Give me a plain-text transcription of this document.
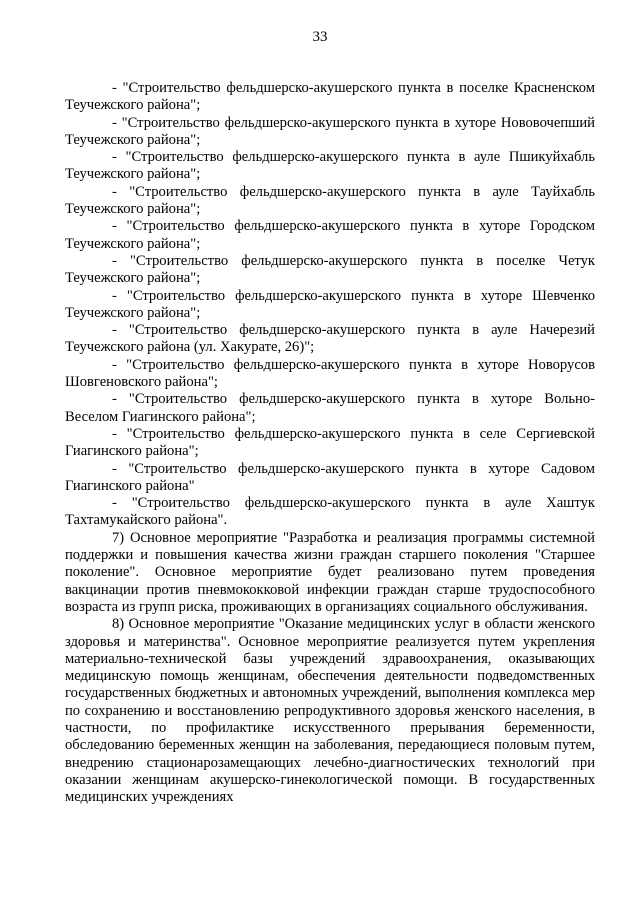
33

- "Строительство фельдшерско-акушерского пункта в поселке Красненском Теучежского района";

- "Строительство фельдшерско-акушерского пункта в хуторе Нововочепший Теучежского района";

- "Строительство фельдшерско-акушерского пункта в ауле Пшикуйхабль Теучежского района";

- "Строительство фельдшерско-акушерского пункта в ауле Тауйхабль Теучежского района";

- "Строительство фельдшерско-акушерского пункта в хуторе Городском Теучежского района";

- "Строительство фельдшерско-акушерского пункта в поселке Четук Теучежского района";

- "Строительство фельдшерско-акушерского пункта в хуторе Шевченко Теучежского района";

- "Строительство фельдшерско-акушерского пункта в ауле Начерезий Теучежского района (ул. Хакурате, 26)";

- "Строительство фельдшерско-акушерского пункта в хуторе Новорусов Шовгеновского района";

- "Строительство фельдшерско-акушерского пункта в хуторе Вольно-Веселом Гиагинского района";

- "Строительство фельдшерско-акушерского пункта в селе Сергиевской Гиагинского района";

- "Строительство фельдшерско-акушерского пункта в хуторе Садовом Гиагинского района"

- "Строительство фельдшерско-акушерского пункта в ауле Хаштук Тахтамукайского района".

7) Основное мероприятие "Разработка и реализация программы системной поддержки и повышения качества жизни граждан старшего поколения "Старшее поколение". Основное мероприятие будет реализовано путем проведения вакцинации против пневмококковой инфекции граждан старше трудоспособного возраста из групп риска, проживающих в организациях социального обслуживания.

8) Основное мероприятие "Оказание медицинских услуг в области женского здоровья и материнства". Основное мероприятие реализуется путем укрепления материально-технической базы учреждений здравоохранения, оказывающих медицинскую помощь женщинам, обеспечения деятельности подведомственных государственных бюджетных и автономных учреждений, выполнения комплекса мер по сохранению и восстановлению репродуктивного здоровья женского населения, в частности, по профилактике искусственного прерывания беременности, обследованию беременных женщин на заболевания, передающиеся половым путем, внедрению стационарозамещающих лечебно-диагностических технологий при оказании женщинам акушерско-гинекологической помощи. В государственных медицинских учреждениях
